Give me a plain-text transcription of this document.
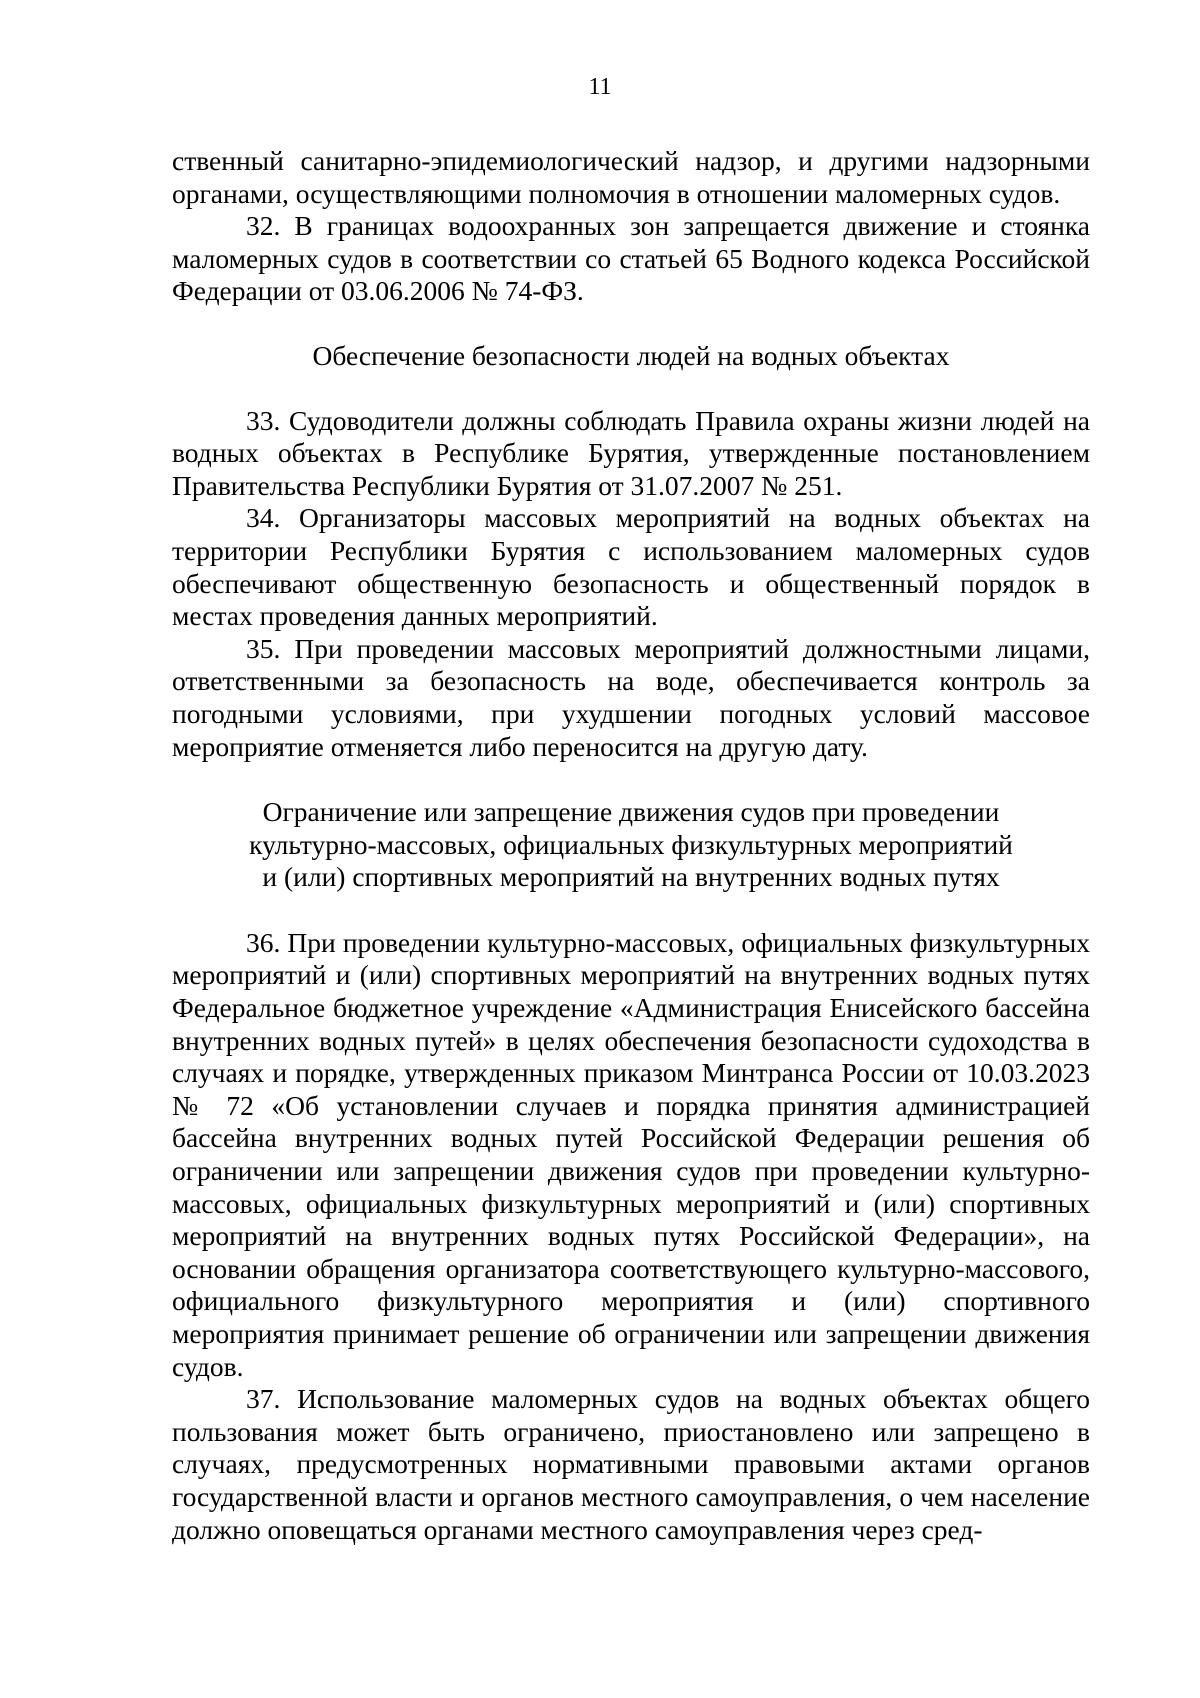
11

ственный санитарно-эпидемиологический надзор, и другими надзорными органами, осуществляющими полномочия в отношении маломерных судов.

32. В границах водоохранных зон запрещается движение и стоянка маломерных судов в соответствии со статьей 65 Водного кодекса Российской Федерации от 03.06.2006 № 74-ФЗ.

Обеспечение безопасности людей на водных объектах

33. Судоводители должны соблюдать Правила охраны жизни людей на водных объектах в Республике Бурятия, утвержденные постановлением Правительства Республики Бурятия от 31.07.2007 № 251.

34. Организаторы массовых мероприятий на водных объектах на территории Республики Бурятия с использованием маломерных судов обеспечивают общественную безопасность и общественный порядок в местах проведения данных мероприятий.

35. При проведении массовых мероприятий должностными лицами, ответственными за безопасность на воде, обеспечивается контроль за погодными условиями, при ухудшении погодных условий массовое мероприятие отменяется либо переносится на другую дату.

Ограничение или запрещение движения судов при проведении
культурно-массовых, официальных физкультурных мероприятий
и (или) спортивных мероприятий на внутренних водных путях

36. При проведении культурно-массовых, официальных физкультурных мероприятий и (или) спортивных мероприятий на внутренних водных путях Федеральное бюджетное учреждение «Администрация Енисейского бассейна внутренних водных путей» в целях обеспечения безопасности судоходства в случаях и порядке, утвержденных приказом Минтранса России от 10.03.2023 № 72 «Об установлении случаев и порядка принятия администрацией бассейна внутренних водных путей Российской Федерации решения об ограничении или запрещении движения судов при проведении культурно-массовых, официальных физкультурных мероприятий и (или) спортивных мероприятий на внутренних водных путях Российской Федерации», на основании обращения организатора соответствующего культурно-массового, официального физкультурного мероприятия и (или) спортивного мероприятия принимает решение об ограничении или запрещении движения судов.

37. Использование маломерных судов на водных объектах общего пользования может быть ограничено, приостановлено или запрещено в случаях, предусмотренных нормативными правовыми актами органов государственной власти и органов местного самоуправления, о чем население должно оповещаться органами местного самоуправления через сред-
